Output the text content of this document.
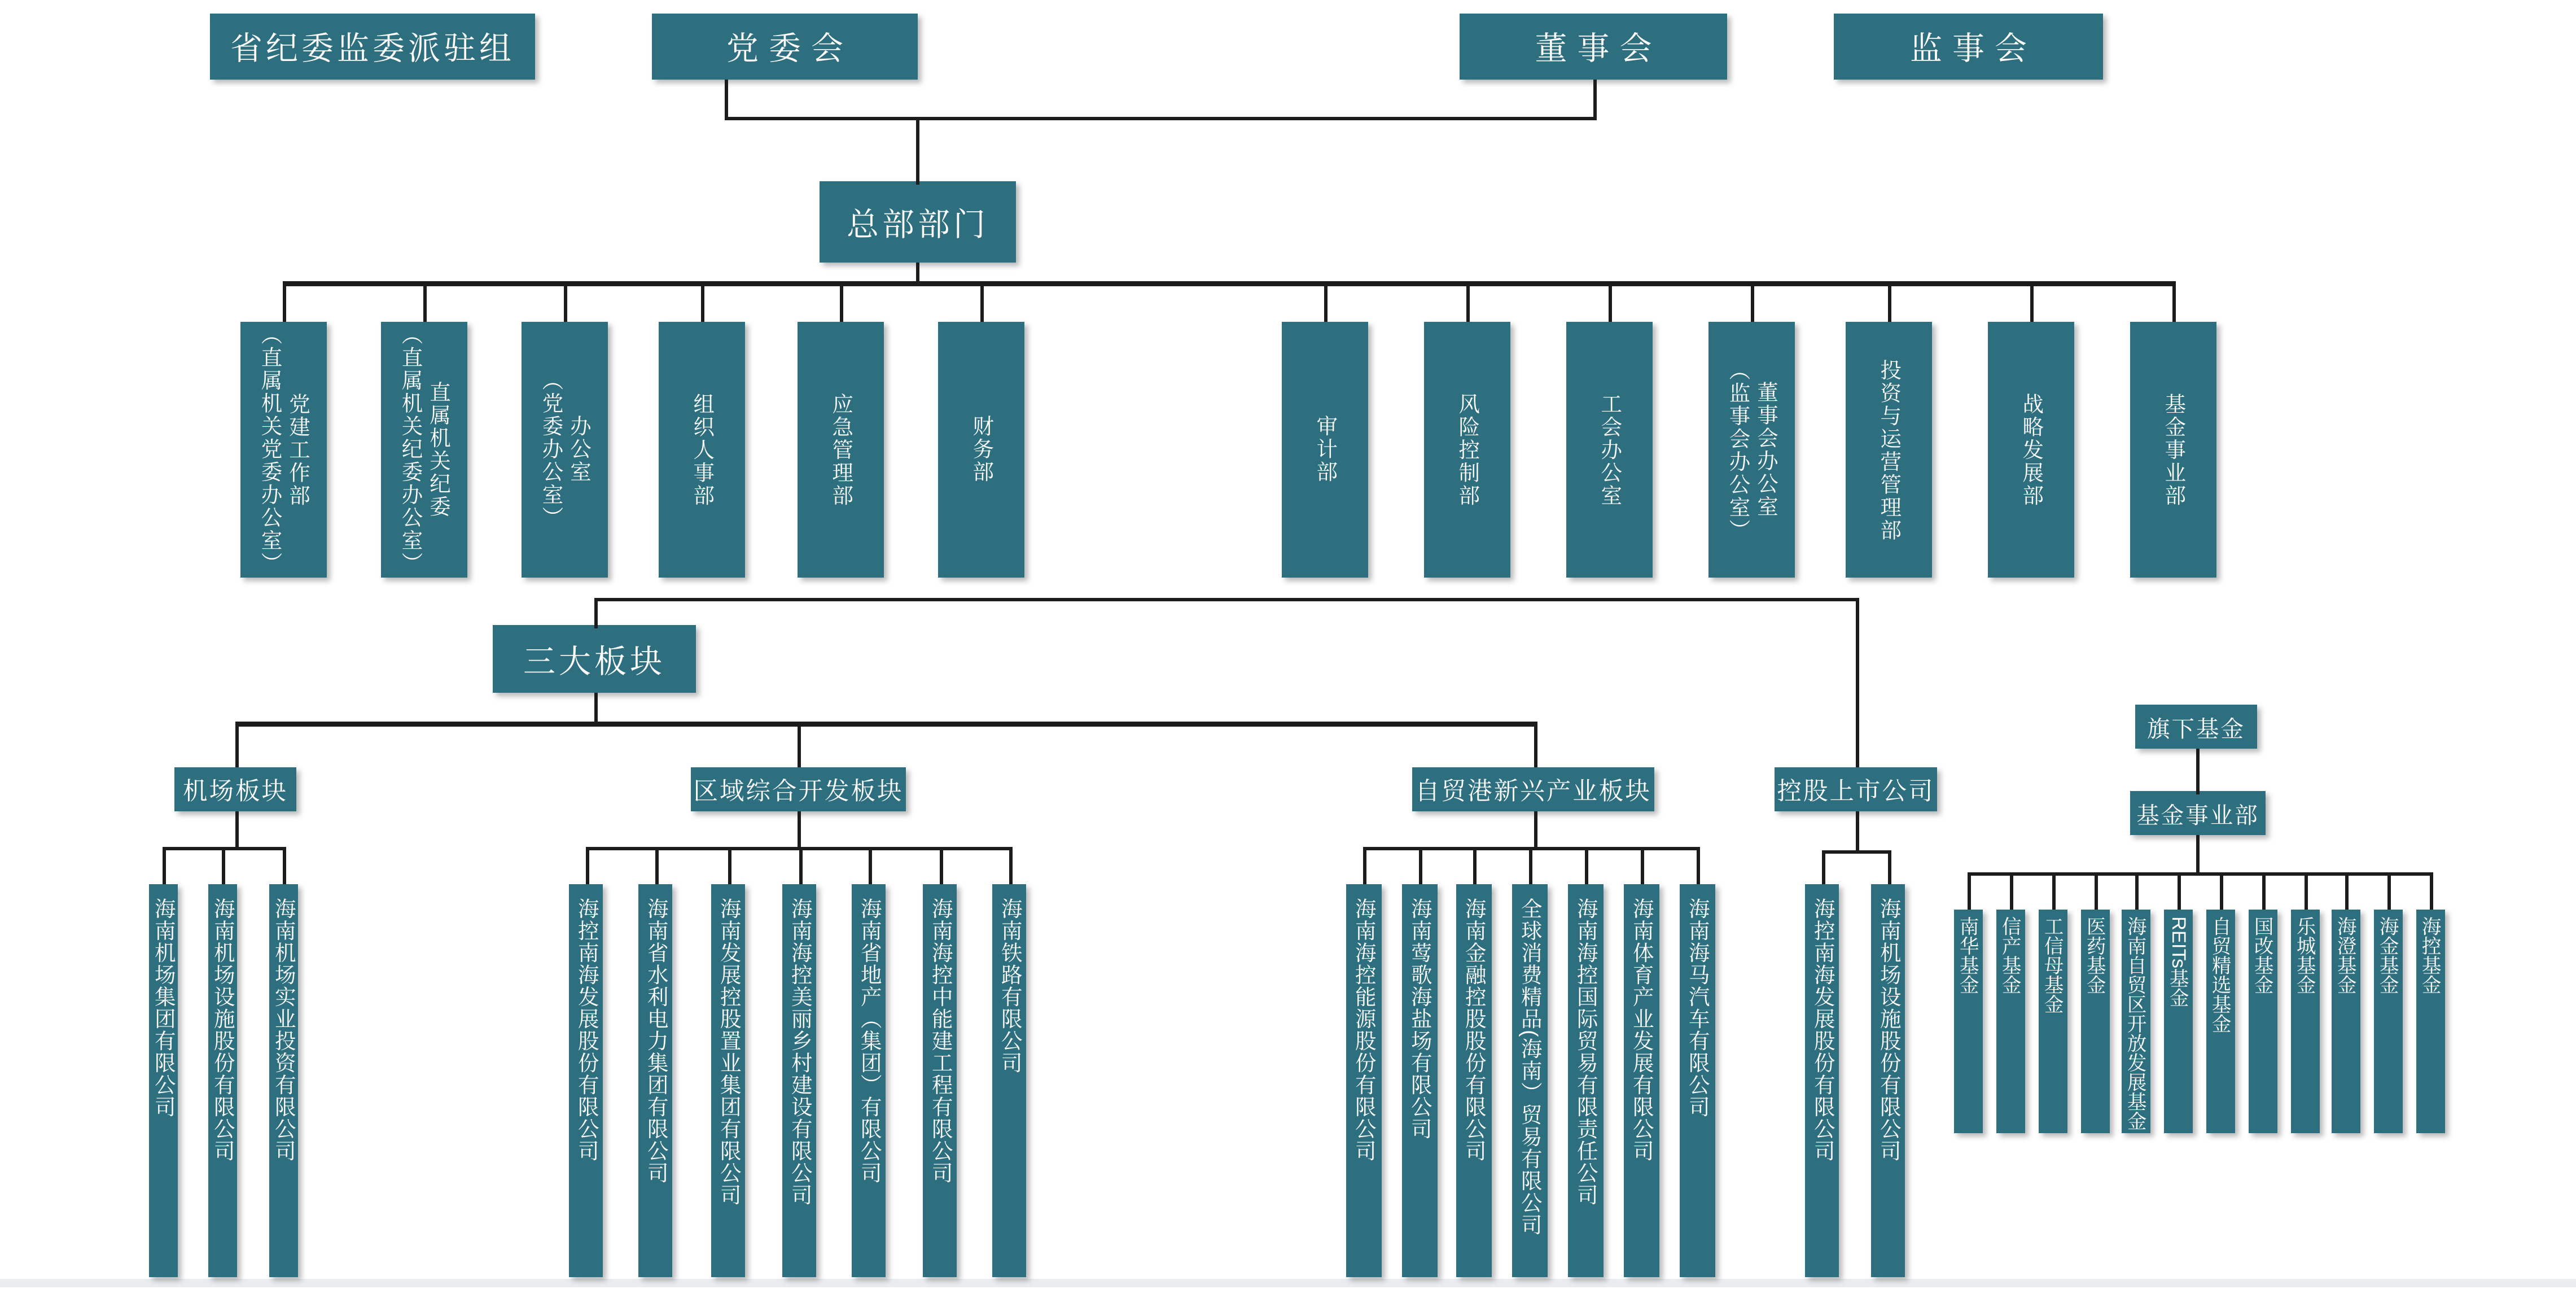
省纪委监委派驻组	党委会	董事会	监事会
总部部门
三大板块
旗下基金
基金事业部
党建工作部
（直属机关党委办公室）	直属机关纪委
（直属机关纪委办公室）	办公室
（党委办公室）	组织人事部	应急管理部	财务部	审计部	风险控制部	工会办公室	董事会办公室
（监事会办公室）	投资与运营管理部	战略发展部	基金事业部
机场板块
海南机场集团有限公司	海南机场设施股份有限公司	海南机场实业投资有限公司
区域综合开发板块
海控南海发展股份有限公司	海南省水利电力集团有限公司	海南发展控股置业集团有限公司	海南海控美丽乡村建设有限公司	海南省地产（集团）有限公司	海南海控中能建工程有限公司	海南铁路有限公司
自贸港新兴产业板块
海南海控能源股份有限公司	海南莺歌海盐场有限公司	海南金融控股股份有限公司	全球消费精品(海南）贸易有限公司	海南海控国际贸易有限责任公司	海南体育产业发展有限公司	海南海马汽车有限公司
控股上市公司
海控南海发展股份有限公司	海南机场设施股份有限公司	南华基金	信产基金	工信母基金	医药基金	海南自贸区开放发展基金	REITs基金	自贸精选基金	国改基金	乐城基金	海澄基金	海金基金	海控基金
